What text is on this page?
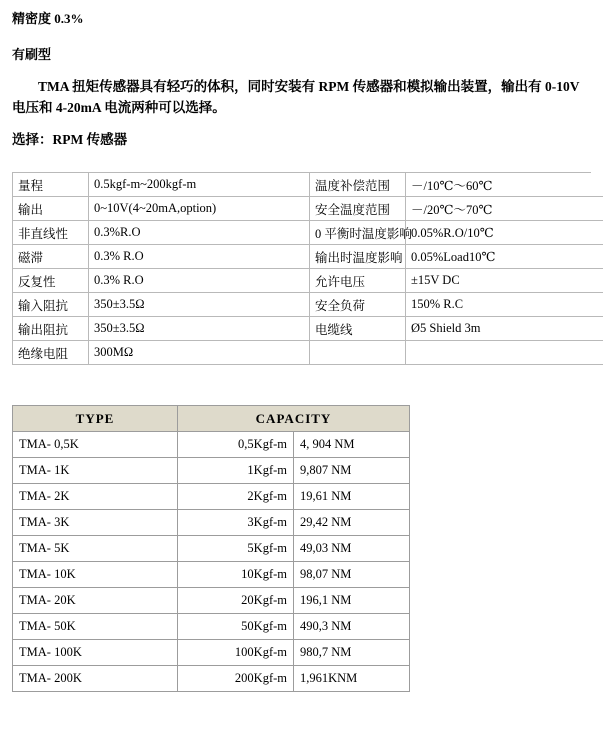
精密度 0.3%
有刷型
TMA 扭矩传感器具有轻巧的体积，同时安装有 RPM 传感器和模拟输出装置，输出有 0-10V 电压和 4-20mA 电流两种可以选择。
选择：RPM 传感器
量程	0.5kgf-m~200kgf-m	温度补偿范围	－/10℃～60℃
输出	0~10V(4~20mA,option)	安全温度范围	－/20℃～70℃
非直线性	0.3%R.O	0 平衡时温度影响	0.05%R.O/10℃
磁滞	0.3% R.O	输出时温度影响	0.05%Load10℃
反复性	0.3% R.O	允许电压	±15V DC
输入阻抗	350±3.5Ω	安全负荷	150% R.C
输出阻抗	350±3.5Ω	电缆线	Ø5 Shield 3m
绝缘电阻	300MΩ		
TYPE	CAPACITY	
TMA- 0,5K	0,5Kgf-m	4, 904 NM
TMA- 1K	1Kgf-m	9,807 NM
TMA- 2K	2Kgf-m	19,61 NM
TMA- 3K	3Kgf-m	29,42 NM
TMA- 5K	5Kgf-m	49,03 NM
TMA- 10K	10Kgf-m	98,07 NM
TMA- 20K	20Kgf-m	196,1 NM
TMA- 50K	50Kgf-m	490,3 NM
TMA- 100K	100Kgf-m	980,7 NM
TMA- 200K	200Kgf-m	1,961KNM
